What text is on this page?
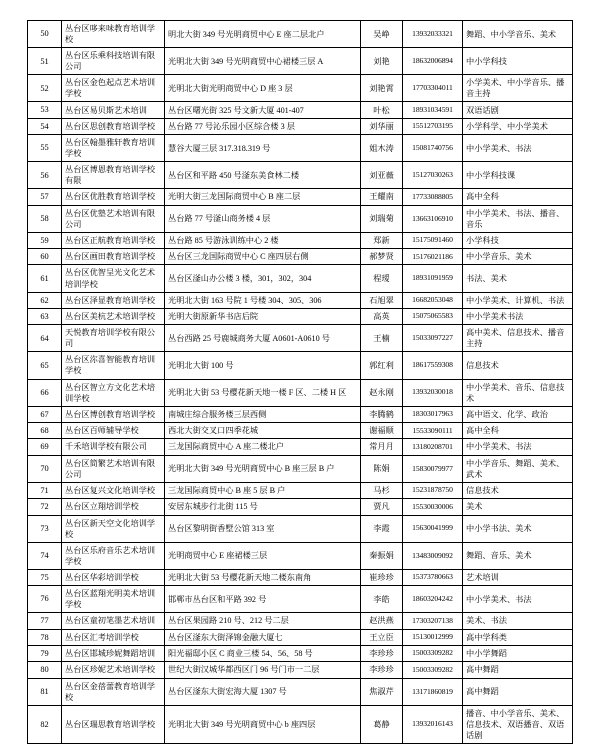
50	丛台区哆来味教育培训学校	明北大街 349 号光明商贸中心 E 座二层北户	吴峥	13932033321	舞蹈、中小学音乐、美术
51	丛台区乐乘科技培训有限公司	光明北大街 349 号光明商贸中心裙楼三层 A	刘艳	18632006894	中小学科技
52	丛台区金色起点艺术培训学校	光明北大街光明商贸中心 D 座 3 层	刘艳霄	17703304011	小学美术、中小学音乐、播音主持
53	丛台区易贝斯艺术培训	丛台区曙光街 325 号文新大厦 401-407	叶松	18931034591	双语话剧
54	丛台区思创教育培训学校	丛台路 77 号沁乐园小区综合楼 3 层	刘华丽	15512703195	小学科学、中小学美术
55	丛台区翰墨雅轩教育培训学校	慧谷大厦三层 317.318.319 号	姐木涛	15081740756	中小学美术、书法
56	丛台区博恩教育培训学校有限	丛台区和平路 450 号滏东美食林二楼	刘亚薇	15127030263	中小学科技课
57	丛台区优胜教育培训学校	光明大街三龙国际商贸中心 B 座二层	王耀南	17733088805	高中全科
58	丛台区优塾艺术培训有限公司	丛台路 77 号滏山商务楼 4 层	刘瑞菊	13663106910	中小学美术、书法、播音、音乐
59	丛台区正航教育培训学校	丛台路 85 号游泳训练中心 2 楼	郑新	15175091460	小学科技
60	丛台区画田教育培训学校	丛台区三龙国际商贸中心 C 座四层右侧	郝梦贤	15176021186	中小学音乐、美术
61	丛台区优智呈光文化艺术培训学校	丛台区滏山办公楼 3 楼，301，302，304	程瑷	18931091959	书法、美术
62	丛台区泽显教育培训学校	光明北大街 163 号院 1 号楼 304、305、306	石旭翠	16682053048	中小学美术、计算机、书法
63	丛台区美杭艺术培训学校	光明大街原新华书店后院	高英	15075065583	中小学美术书法
64	天悦教育培训学校有限公司	丛台西路 25 号鹿城商务大厦 A0601-A0610 号	王楠	15033097227	高中美术、信息技术、播音主持
65	丛台区沵喜智能教育培训学校	光明北大街 100 号	郭红利	18617559308	信息技术
66	丛台区智立方文化艺术培训学校	光明北大街 53 号樱花新天地一楼 F 区、二楼 H 区	赵永刚	13932030018	中小学美术、音乐、信息技术
67	丛台区博创教育培训学校	南城庄综合服务楼三层西侧	李腾鹤	18303017963	高中语文、化学、政治
68	丛台区百师辅导学校	西北大街交叉口四季花城	谢福顺	15533090111	高中全科
69	千禾培训学校有限公司	三龙国际商贸中心 A 座二楼北户	常月月	13180208701	中小学美术、书法
70	丛台区简繁艺术培训有限公司	光明北大街 349 号光明商贸中心 B 座三层 B 户	陈娟	15830079977	中小学音乐、舞蹈、美术、武术
71	丛台区复兴文化培训学校	三龙国际商贸中心 B 座 5 层 B 户	马杉	15231878750	信息技术
72	丛台区立翔培训学校	安居东城步行北街 115 号	贾凡	15530030006	美术
73	丛台区新天空文化培训学校	丛台区黎明街香墅公馆 313 室	李霞	15630041999	中小学书法、美术
74	丛台区乐府音乐艺术培训学校	光明商贸中心 E 座裙楼三层	秦振娟	13483009092	舞蹈、音乐、美术
75	丛台区华彩培训学校	光明北大街 53 号樱花新天地二楼东南角	崔珍珍	15373780663	艺术培训
76	丛台区蓝翔光明美术培训学校	邯郸市丛台区和平路 392 号	李皓	18603204242	中小学美术、书法
77	丛台区童初笔墨艺术培训	丛台区果园路 210 号、212 号二层	赵洪燕	17303207138	美术、书法
78	丛台区汇考培训学校	丛台区滏东大街泽锦金融大厦七	王立臣	15130012999	高中学科类
79	丛台区邯城珍妮舞蹈培训	阳光福邸小区 C 商业三楼 54、56、58 号	李珍珍	15003309282	中小学舞蹈
80	丛台区珍妮艺术培训学校	世纪大街汉城华都西区门 96 号门市一二层	李珍珍	15003309282	高中舞蹈
81	丛台区金蓓蕾教育培训学校	丛台区滏东大街宏海大厦 1307 号	焦淑芹	13171860819	高中舞蹈
82	丛台区瑞思教育培训学校	光明北大街 349 号光明商贸中心 b 座四层	葛静	13932016143	播音、中小学音乐、美术、信息技术、双语播音、双语话剧
